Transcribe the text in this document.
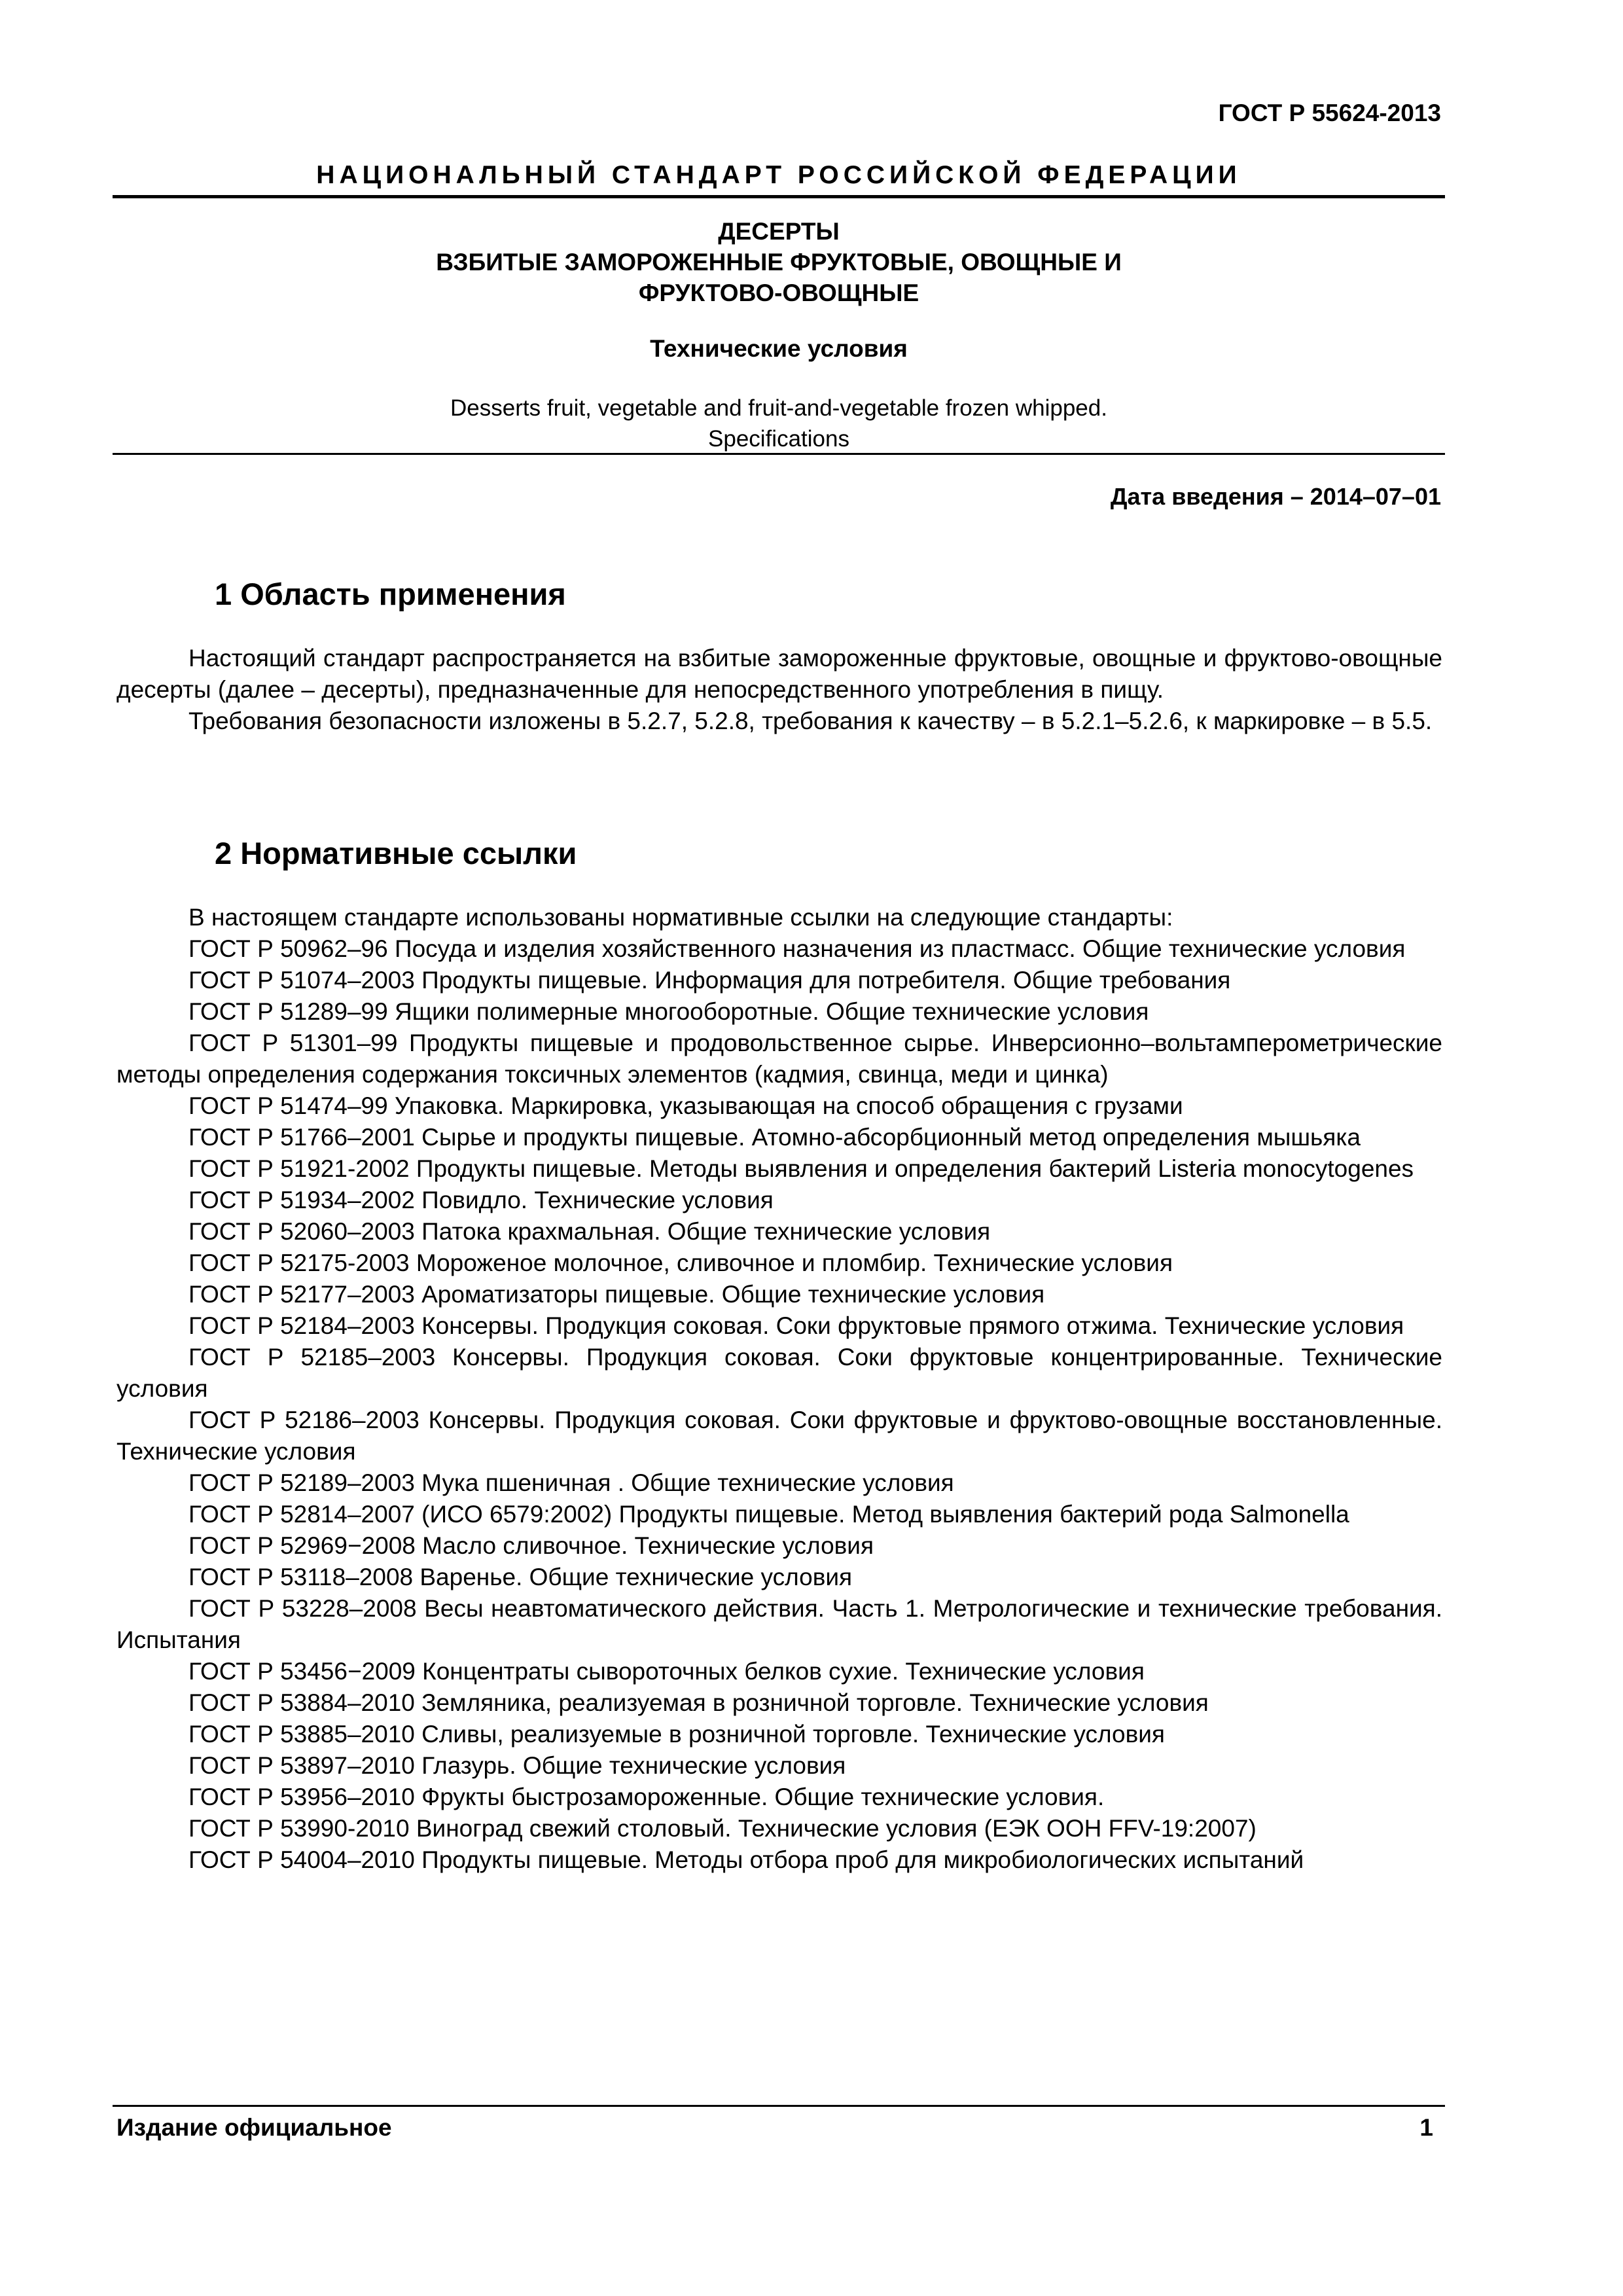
ГОСТ Р 55624-2013
НАЦИОНАЛЬНЫЙ СТАНДАРТ РОССИЙСКОЙ ФЕДЕРАЦИИ
ДЕСЕРТЫ
ВЗБИТЫЕ ЗАМОРОЖЕННЫЕ ФРУКТОВЫЕ, ОВОЩНЫЕ И
ФРУКТОВО-ОВОЩНЫЕ
Технические условия
Desserts fruit, vegetable and fruit-and-vegetable frozen whipped.
Specifications
Дата введения – 2014–07–01
1 Область применения

Настоящий стандарт распространяется на взбитые замороженные фруктовые, овощные и фруктово-овощные десерты (далее – десерты), предназначенные для непосредственного употребления в пищу.

Требования безопасности изложены в 5.2.7, 5.2.8, требования к качеству – в 5.2.1–5.2.6, к маркировке – в 5.5.

2 Нормативные ссылки

В настоящем стандарте использованы нормативные ссылки на следующие стандарты:

ГОСТ Р 50962–96 Посуда и изделия хозяйственного назначения из пластмасс. Общие технические условия

ГОСТ Р 51074–2003 Продукты пищевые. Информация для потребителя. Общие требования

ГОСТ Р 51289–99 Ящики полимерные многооборотные. Общие технические условия

ГОСТ Р 51301–99 Продукты пищевые и продовольственное сырье. Инверсионно–вольтамперометрические методы определения содержания токсичных элементов (кадмия, свинца, меди и цинка)

ГОСТ Р 51474–99 Упаковка. Маркировка, указывающая на способ обращения с грузами

ГОСТ Р 51766–2001 Сырье и продукты пищевые. Атомно-абсорбционный метод определения мышьяка

ГОСТ Р 51921-2002 Продукты пищевые. Методы выявления и определения бактерий Listeria monocytogenes

ГОСТ Р 51934–2002 Повидло. Технические условия

ГОСТ Р 52060–2003 Патока крахмальная. Общие технические условия

ГОСТ Р 52175-2003 Мороженое молочное, сливочное и пломбир. Технические условия

ГОСТ Р 52177–2003 Ароматизаторы пищевые. Общие технические условия

ГОСТ Р 52184–2003 Консервы. Продукция соковая. Соки фруктовые прямого отжима. Технические условия

ГОСТ Р 52185–2003 Консервы. Продукция соковая. Соки фруктовые концентрированные. Технические условия

ГОСТ Р 52186–2003 Консервы. Продукция соковая. Соки фруктовые и фруктово-овощные восстановленные. Технические условия

ГОСТ Р 52189–2003 Мука пшеничная . Общие технические условия

ГОСТ Р 52814–2007 (ИСО 6579:2002) Продукты пищевые. Метод выявления бактерий рода Salmonella

ГОСТ Р 52969−2008 Масло сливочное. Технические условия

ГОСТ Р 53118–2008 Варенье. Общие технические условия

ГОСТ Р 53228–2008 Весы неавтоматического действия. Часть 1. Метрологические и технические требования. Испытания

ГОСТ Р 53456−2009 Концентраты сывороточных белков сухие. Технические условия

ГОСТ Р 53884–2010 Земляника, реализуемая в розничной торговле. Технические условия

ГОСТ Р 53885–2010 Сливы, реализуемые в розничной торговле. Технические условия

ГОСТ Р 53897–2010 Глазурь. Общие технические условия

ГОСТ Р 53956–2010 Фрукты быстрозамороженные. Общие технические условия.

ГОСТ Р 53990-2010 Виноград свежий столовый. Технические условия (ЕЭК ООН FFV-19:2007)

ГОСТ Р 54004–2010 Продукты пищевые. Методы отбора проб для микробиологических испытаний

Издание официальное	1
